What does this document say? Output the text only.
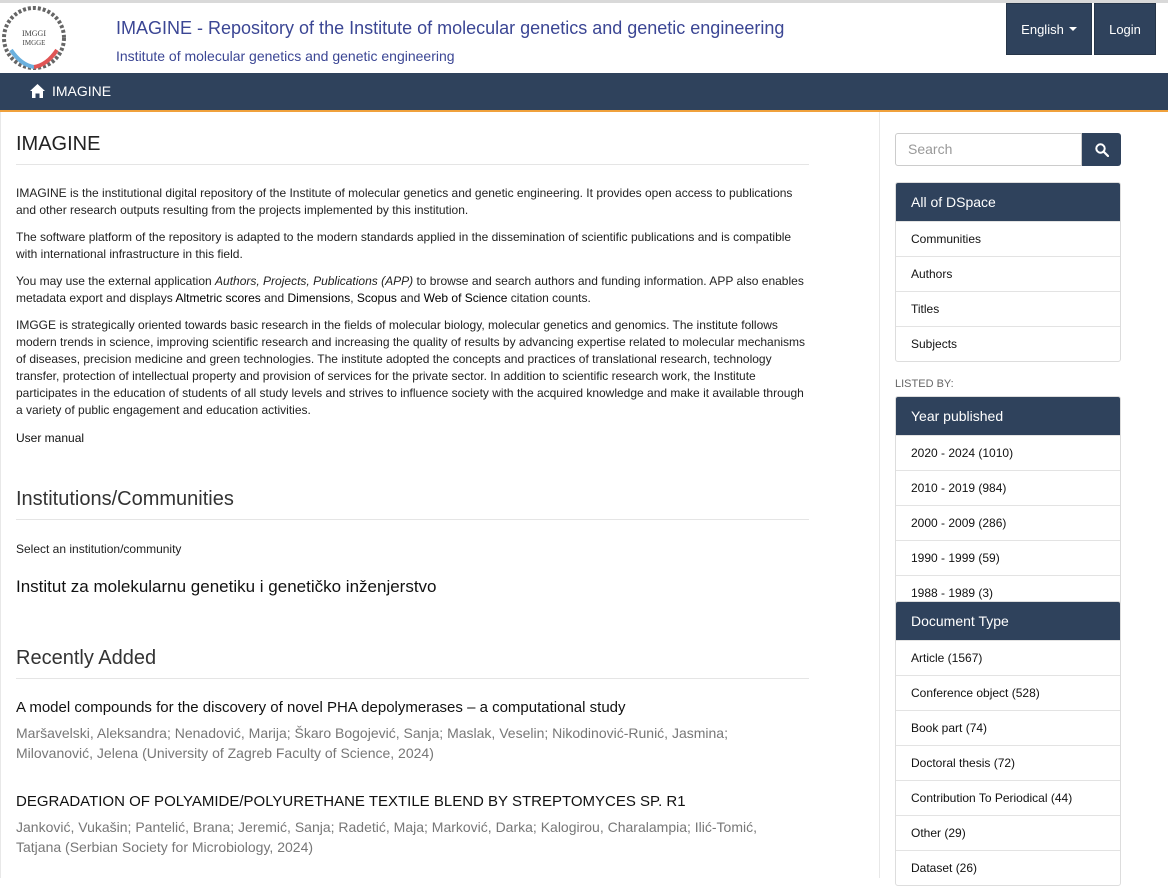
IMGGI
IMGGE
IMAGINE - Repository of the Institute of molecular genetics and genetic engineering
Institute of molecular genetics and genetic engineering
English	Login
IMAGINE
IMAGINE
IMAGINE is the institutional digital repository of the Institute of molecular genetics and genetic engineering. It provides open access to publications and other research outputs resulting from the projects implemented by this institution.
The software platform of the repository is adapted to the modern standards applied in the dissemination of scientific publications and is compatible with international infrastructure in this field.
You may use the external application Authors, Projects, Publications (APP) to browse and search authors and funding information. APP also enables metadata export and displays Altmetric scores and Dimensions, Scopus and Web of Science citation counts.
IMGGE is strategically oriented towards basic research in the fields of molecular biology, molecular genetics and genomics. The institute follows modern trends in science, improving scientific research and increasing the quality of results by advancing expertise related to molecular mechanisms of diseases, precision medicine and green technologies. The institute adopted the concepts and practices of translational research, technology transfer, protection of intellectual property and provision of services for the private sector. In addition to scientific research work, the Institute participates in the education of students of all study levels and strives to influence society with the acquired knowledge and make it available through a variety of public engagement and education activities.
User manual
Institutions/Communities
Select an institution/community
Institut za molekularnu genetiku i genetičko inženjerstvo
Recently Added
A model compounds for the discovery of novel PHA depolymerases – a computational study
Maršavelski, Aleksandra; Nenadović, Marija; Škaro Bogojević, Sanja; Maslak, Veselin; Nikodinović-Runić, Jasmina; Milovanović, Jelena (University of Zagreb Faculty of Science, 2024)
DEGRADATION OF POLYAMIDE/POLYURETHANE TEXTILE BLEND BY STREPTOMYCES SP. R1
Janković, Vukašin; Pantelić, Brana; Jeremić, Sanja; Radetić, Maja; Marković, Darka; Kalogirou, Charalampia; Ilić-Tomić, Tatjana (Serbian Society for Microbiology, 2024)
Search
All of DSpace
Communities
Authors
Titles
Subjects
LISTED BY:
Year published
2020 - 2024 (1010)
2010 - 2019 (984)
2000 - 2009 (286)
1990 - 1999 (59)
1988 - 1989 (3)
Document Type
Article (1567)
Conference object (528)
Book part (74)
Doctoral thesis (72)
Contribution To Periodical (44)
Other (29)
Dataset (26)
